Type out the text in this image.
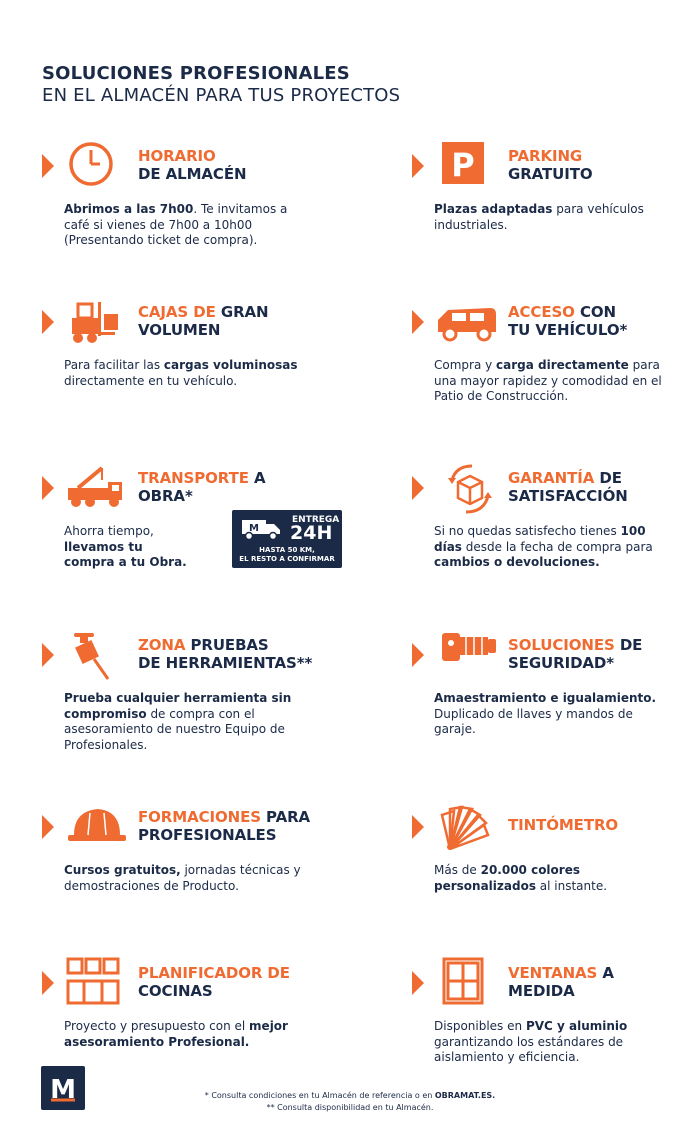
SOLUCIONES PROFESIONALES
EN EL ALMACÉN PARA TUS PROYECTOS
HORARIO
DE ALMACÉN
Abrimos a las 7h00. Te invitamos a café si vienes de 7h00 a 10h00 (Presentando ticket de compra).
P PARKING
GRATUITO
Plazas adaptadas para vehículos industriales.
CAJAS DE GRAN
VOLUMEN
Para facilitar las cargas voluminosas directamente en tu vehículo.
ACCESO CON
TU VEHÍCULO*
Compra y carga directamente para una mayor rapidez y comodidad en el Patio de Construcción.
TRANSPORTE A
OBRA*
Ahorra tiempo, llevamos tu compra a tu Obra.
M
ENTREGA
24H
HASTA 50 KM,
EL RESTO A CONFIRMAR
GARANTÍA DE
SATISFACCIÓN
Si no quedas satisfecho tienes 100 días desde la fecha de compra para cambios o devoluciones.
ZONA PRUEBAS
DE HERRAMIENTAS**
Prueba cualquier herramienta sin compromiso de compra con el asesoramiento de nuestro Equipo de Profesionales.
SOLUCIONES DE
SEGURIDAD*
Amaestramiento e igualamiento. Duplicado de llaves y mandos de garaje.
FORMACIONES PARA
PROFESIONALES
Cursos gratuitos, jornadas técnicas y demostraciones de Producto.
TINTÓMETRO
Más de 20.000 colores personalizados al instante.
PLANIFICADOR DE
COCINAS
Proyecto y presupuesto con el mejor asesoramiento Profesional.
VENTANAS A
MEDIDA
Disponibles en PVC y aluminio garantizando los estándares de aislamiento y eficiencia.
M	* Consulta condiciones en tu Almacén de referencia o en OBRAMAT.ES.
** Consulta disponibilidad en tu Almacén.
